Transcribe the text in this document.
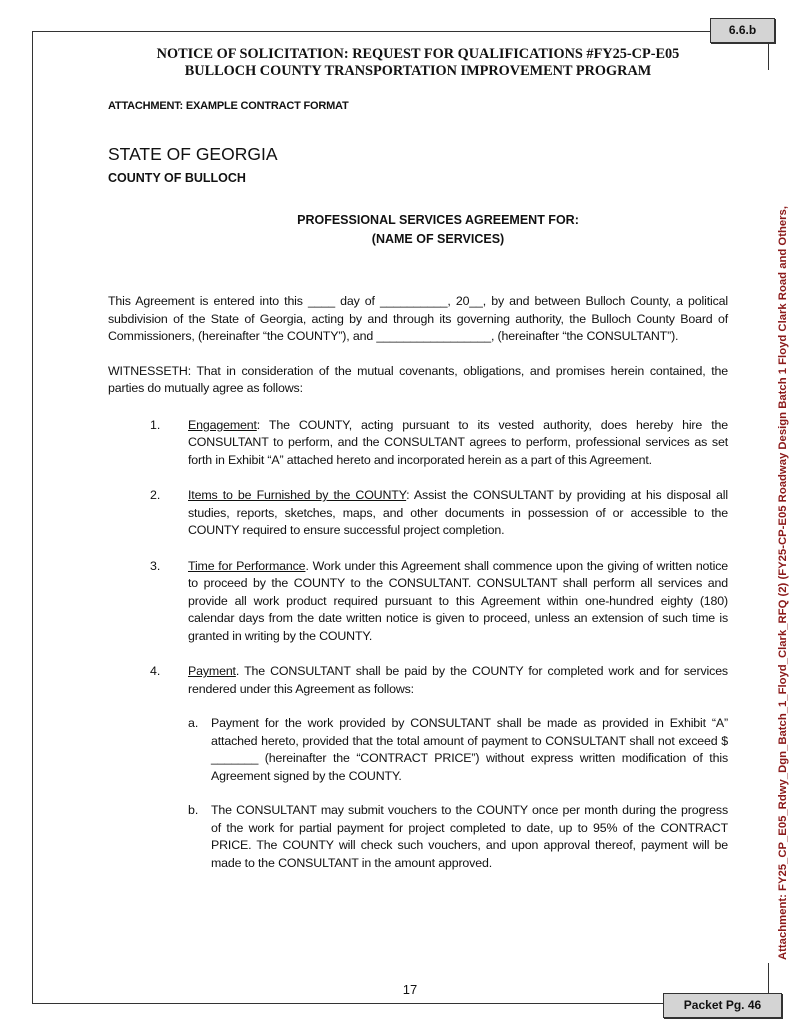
6.6.b
Packet Pg. 46
Attachment: FY25_CP_E05_Rdwy_Dgn_Batch_1_Floyd_Clark_RFQ (2) (FY25-CP-E05 Roadway Design Batch 1 Floyd Clark Road and Others,

NOTICE OF SOLICITATION: REQUEST FOR QUALIFICATIONS #FY25-CP-E05

BULLOCH COUNTY TRANSPORTATION IMPROVEMENT PROGRAM

ATTACHMENT: EXAMPLE CONTRACT FORMAT
STATE OF GEORGIA
COUNTY OF BULLOCH
PROFESSIONAL SERVICES AGREEMENT FOR:
(NAME OF SERVICES)

This Agreement is entered into this ____ day of __________, 20__, by and between Bulloch County, a political subdivision of the State of Georgia, acting by and through its governing authority, the Bulloch County Board of Commissioners, (hereinafter “the COUNTY”), and _________________, (hereinafter “the CONSULTANT”).

WITNESSETH: That in consideration of the mutual covenants, obligations, and promises herein contained, the parties do mutually agree as follows:

1. Engagement: The COUNTY, acting pursuant to its vested authority, does hereby hire the CONSULTANT to perform, and the CONSULTANT agrees to perform, professional services as set forth in Exhibit “A” attached hereto and incorporated herein as a part of this Agreement.
2. Items to be Furnished by the COUNTY: Assist the CONSULTANT by providing at his disposal all studies, reports, sketches, maps, and other documents in possession of or accessible to the COUNTY required to ensure successful project completion.
3. Time for Performance. Work under this Agreement shall commence upon the giving of written notice to proceed by the COUNTY to the CONSULTANT. CONSULTANT shall perform all services and provide all work product required pursuant to this Agreement within one-hundred eighty (180) calendar days from the date written notice is given to proceed, unless an extension of such time is granted in writing by the COUNTY.
4. Payment. The CONSULTANT shall be paid by the COUNTY for completed work and for services rendered under this Agreement as follows:
a. Payment for the work provided by CONSULTANT shall be made as provided in Exhibit “A” attached hereto, provided that the total amount of payment to CONSULTANT shall not exceed $ _______ (hereinafter the “CONTRACT PRICE”) without express written modification of this Agreement signed by the COUNTY.
b. The CONSULTANT may submit vouchers to the COUNTY once per month during the progress of the work for partial payment for project completed to date, up to 95% of the CONTRACT PRICE. The COUNTY will check such vouchers, and upon approval thereof, payment will be made to the CONSULTANT in the amount approved.
17
